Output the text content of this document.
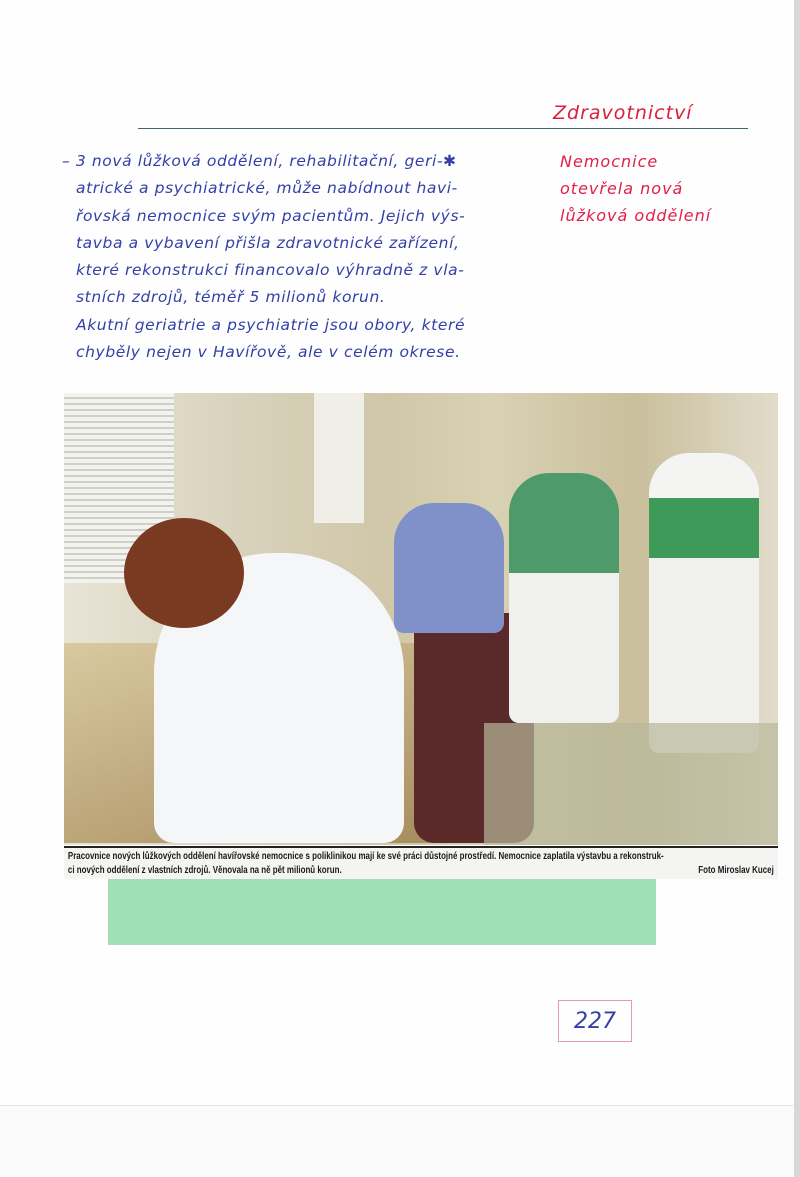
Zdravotnictví
– 3 nová lůžková oddělení, rehabilitační, geri-✱
atrické a psychiatrické, může nabídnout havi-
řovská nemocnice svým pacientům. Jejich výs-
tavba a vybavení přišla zdravotnické zařízení,
které rekonstrukci financovalo výhradně z vla-
stních zdrojů, téměř 5 milionů korun.
Akutní geriatrie a psychiatrie jsou obory, které
chyběly nejen v Havířově, ale v celém okrese.
Nemocnice
otevřela nová
lůžková oddělení
Pracovnice nových lůžkových oddělení havířovské nemocnice s poliklinikou mají ke své práci důstojné prostředí. Nemocnice zaplatila výstavbu a rekonstruk-
ci nových oddělení z vlastních zdrojů. Věnovala na ně pět milionů korun.	Foto Miroslav Kucej
227
